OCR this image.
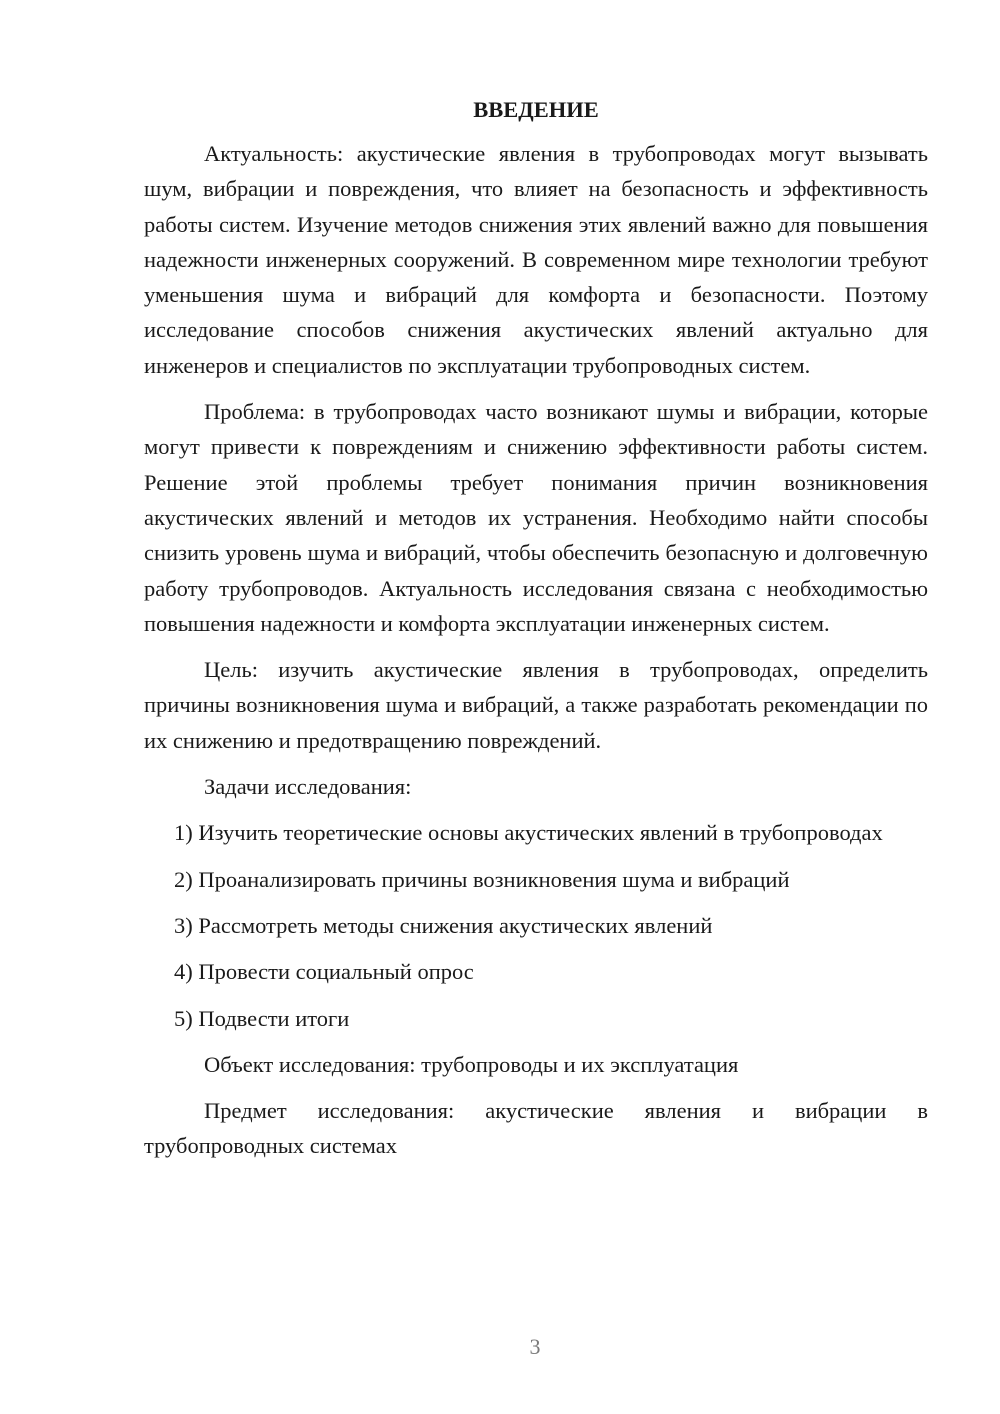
ВВЕДЕНИЕ

Актуальность: акустические явления в трубопроводах могут вызывать шум, вибрации и повреждения, что влияет на безопасность и эффективность работы систем. Изучение методов снижения этих явлений важно для повышения надежности инженерных сооружений. В современном мире технологии требуют уменьшения шума и вибраций для комфорта и безопасности. Поэтому исследование способов снижения акустических явлений актуально для инженеров и специалистов по эксплуатации трубопроводных систем.

Проблема: в трубопроводах часто возникают шумы и вибрации, которые могут привести к повреждениям и снижению эффективности работы систем. Решение этой проблемы требует понимания причин возникновения акустических явлений и методов их устранения. Необходимо найти способы снизить уровень шума и вибраций, чтобы обеспечить безопасную и долговечную работу трубопроводов. Актуальность исследования связана с необходимостью повышения надежности и комфорта эксплуатации инженерных систем.

Цель: изучить акустические явления в трубопроводах, определить причины возникновения шума и вибраций, а также разработать рекомендации по их снижению и предотвращению повреждений.

Задачи исследования:

1) Изучить теоретические основы акустических явлений в трубопроводах

2) Проанализировать причины возникновения шума и вибраций

3) Рассмотреть методы снижения акустических явлений

4) Провести социальный опрос

5) Подвести итоги

Объект исследования: трубопроводы и их эксплуатация

Предмет исследования: акустические явления и вибрации в трубопроводных системах

3
